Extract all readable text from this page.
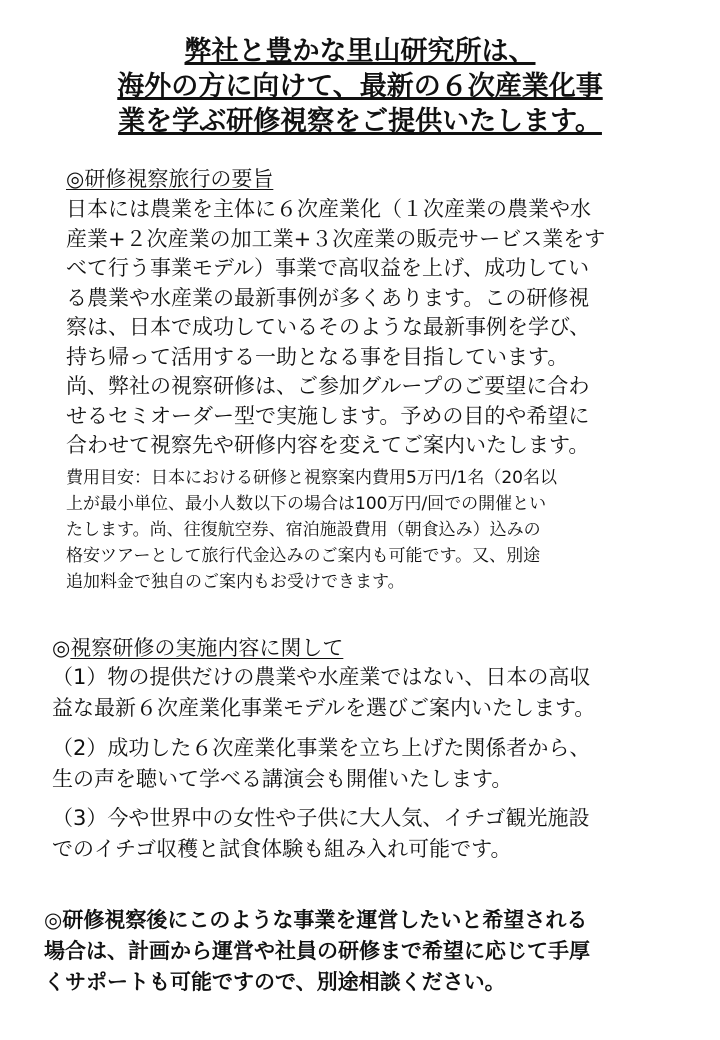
弊社と豊かな里山研究所は、
海外の方に向けて、最新の６次産業化事
業を学ぶ研修視察をご提供いたします。
◎研修視察旅行の要旨
日本には農業を主体に６次産業化（１次産業の農業や水
産業+２次産業の加工業+３次産業の販売サービス業をす
べて行う事業モデル）事業で高収益を上げ、成功してい
る農業や水産業の最新事例が多くあります。この研修視
察は、日本で成功しているそのような最新事例を学び、
持ち帰って活用する一助となる事を目指しています。
尚、弊社の視察研修は、ご参加グループのご要望に合わ
せるセミオーダー型で実施します。予めの目的や希望に
合わせて視察先や研修内容を変えてご案内いたします。
費用目安：日本における研修と視察案内費用5万円/1名（20名以
上が最小単位、最小人数以下の場合は100万円/回での開催とい
たします。尚、往復航空券、宿泊施設費用（朝食込み）込みの
格安ツアーとして旅行代金込みのご案内も可能です。又、別途
追加料金で独自のご案内もお受けできます。
◎視察研修の実施内容に関して
（1）物の提供だけの農業や水産業ではない、日本の高収
益な最新６次産業化事業モデルを選びご案内いたします。
（2）成功した６次産業化事業を立ち上げた関係者から、
生の声を聴いて学べる講演会も開催いたします。
（3）今や世界中の女性や子供に大人気、イチゴ観光施設
でのイチゴ収穫と試食体験も組み入れ可能です。
◎研修視察後にこのような事業を運営したいと希望される
場合は、計画から運営や社員の研修まで希望に応じて手厚
くサポートも可能ですので、別途相談ください。
